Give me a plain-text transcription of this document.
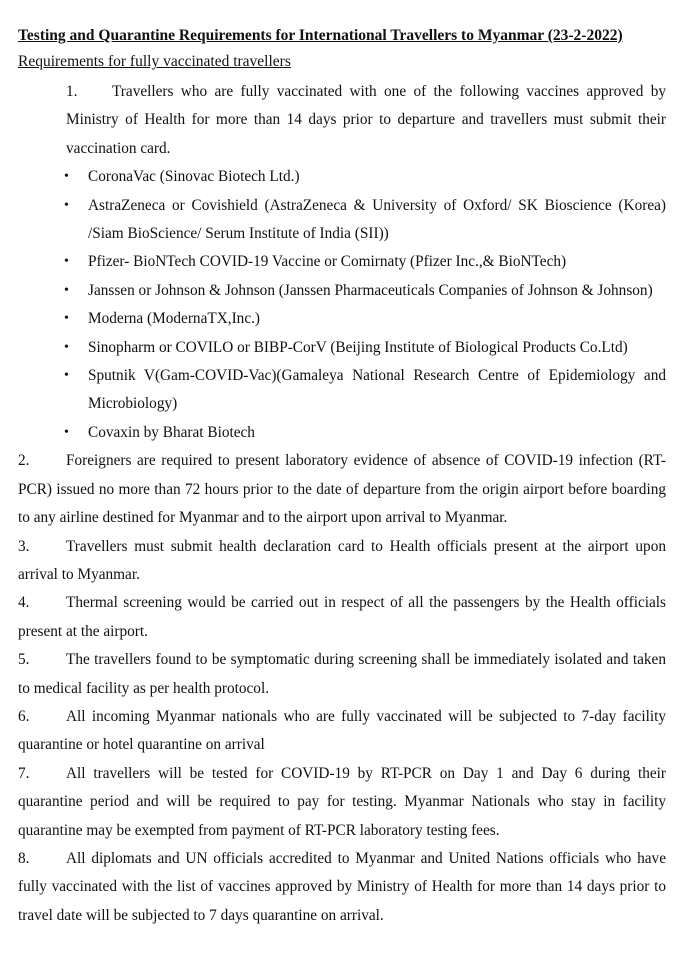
Testing and Quarantine Requirements for International Travellers to Myanmar (23-2-2022)
Requirements for fully vaccinated travellers
1. Travellers who are fully vaccinated with one of the following vaccines approved by Ministry of Health for more than 14 days prior to departure and travellers must submit their vaccination card.
• CoronaVac (Sinovac Biotech Ltd.)
• AstraZeneca or Covishield (AstraZeneca & University of Oxford/ SK Bioscience (Korea) /Siam BioScience/ Serum Institute of India (SII))
• Pfizer- BioNTech COVID-19 Vaccine or Comirnaty (Pfizer Inc.,& BioNTech)
• Janssen or Johnson & Johnson (Janssen Pharmaceuticals Companies of Johnson & Johnson)
• Moderna (ModernaTX,Inc.)
• Sinopharm or COVILO or BIBP-CorV (Beijing Institute of Biological Products Co.Ltd)
• Sputnik V(Gam-COVID-Vac)(Gamaleya National Research Centre of Epidemiology and Microbiology)
• Covaxin by Bharat Biotech
2. Foreigners are required to present laboratory evidence of absence of COVID-19 infection (RT-PCR) issued no more than 72 hours prior to the date of departure from the origin airport before boarding to any airline destined for Myanmar and to the airport upon arrival to Myanmar.
3. Travellers must submit health declaration card to Health officials present at the airport upon arrival to Myanmar.
4. Thermal screening would be carried out in respect of all the passengers by the Health officials present at the airport.
5. The travellers found to be symptomatic during screening shall be immediately isolated and taken to medical facility as per health protocol.
6. All incoming Myanmar nationals who are fully vaccinated will be subjected to 7-day facility quarantine or hotel quarantine on arrival
7. All travellers will be tested for COVID-19 by RT-PCR on Day 1 and Day 6 during their quarantine period and will be required to pay for testing. Myanmar Nationals who stay in facility quarantine may be exempted from payment of RT-PCR laboratory testing fees.
8. All diplomats and UN officials accredited to Myanmar and United Nations officials who have fully vaccinated with the list of vaccines approved by Ministry of Health for more than 14 days prior to travel date will be subjected to 7 days quarantine on arrival.
